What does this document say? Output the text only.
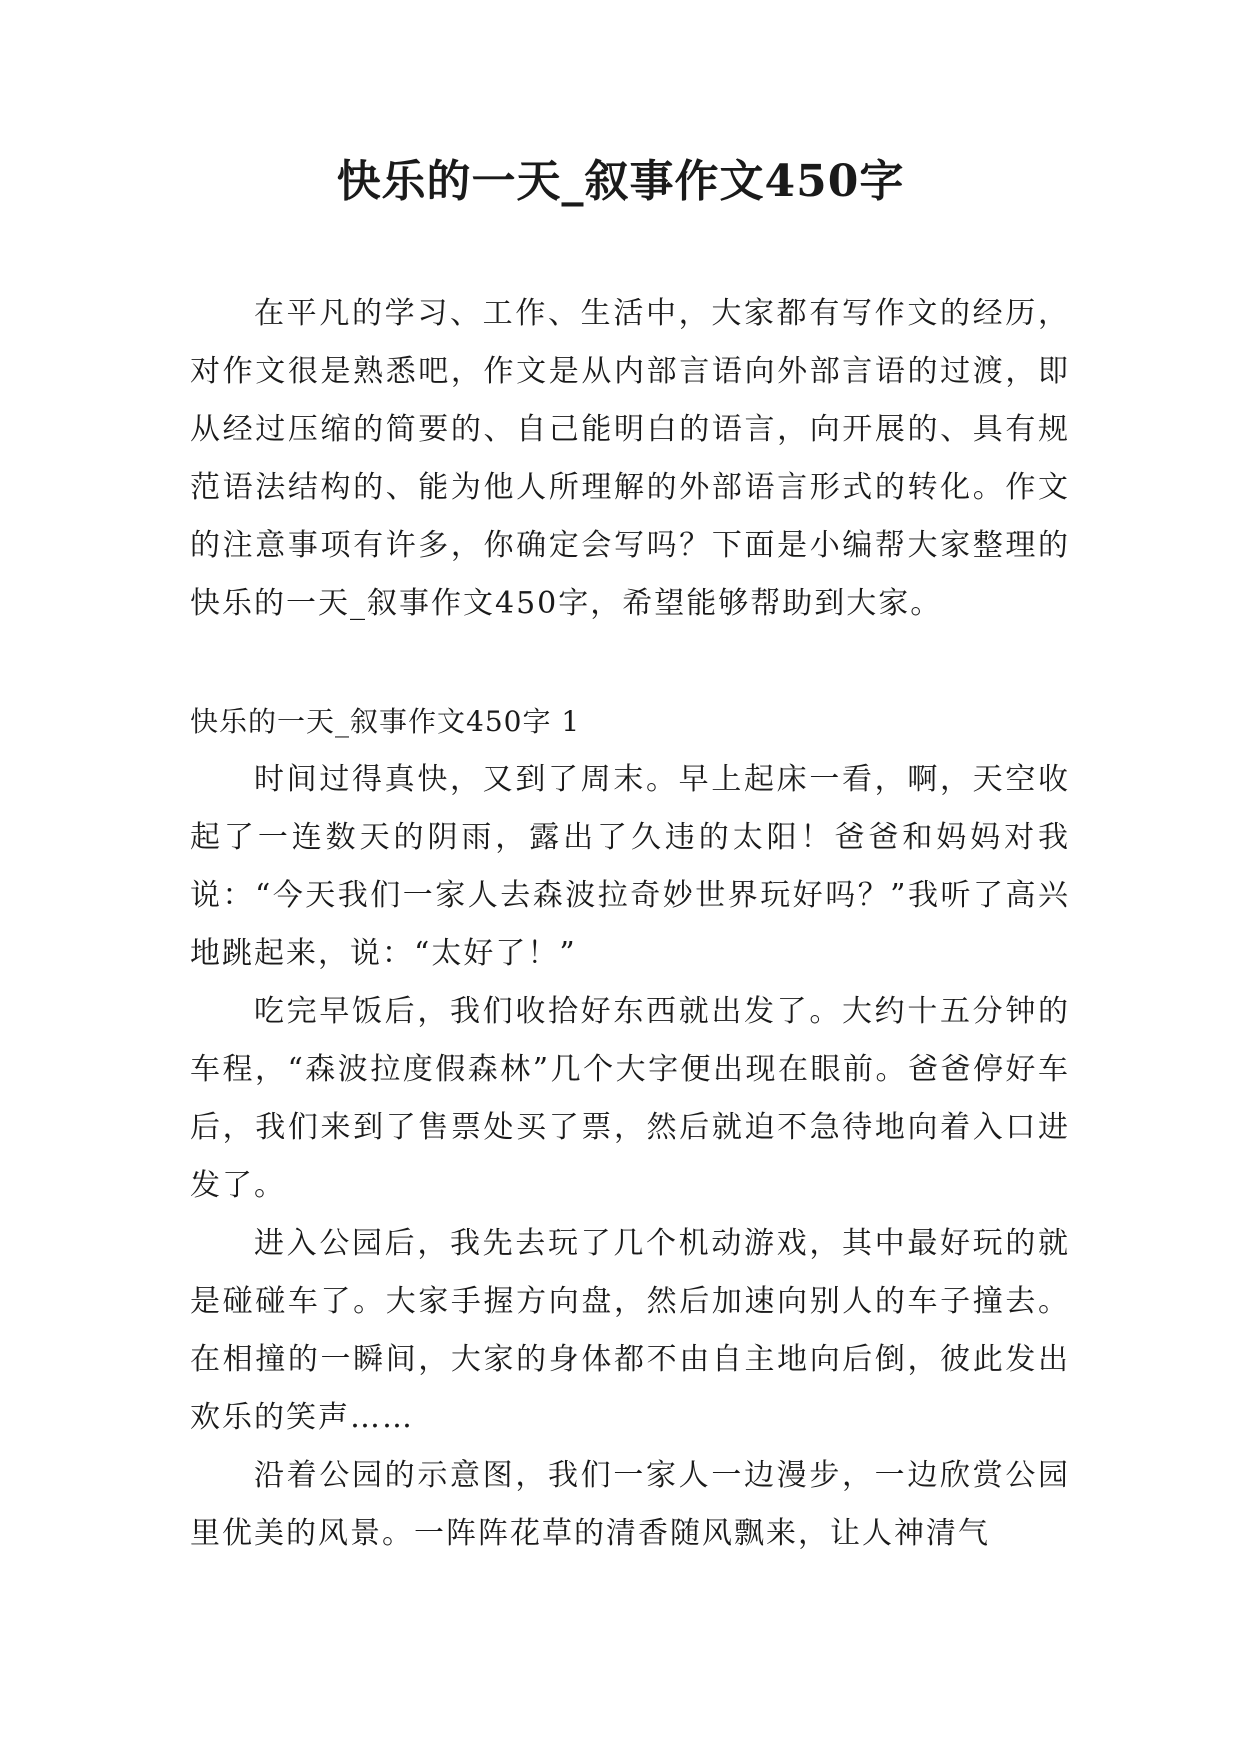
快乐的一天_叙事作文450字

在平凡的学习、工作、生活中，大家都有写作文的经历，对作文很是熟悉吧，作文是从内部言语向外部言语的过渡，即从经过压缩的简要的、自己能明白的语言，向开展的、具有规范语法结构的、能为他人所理解的外部语言形式的转化。作文的注意事项有许多，你确定会写吗？下面是小编帮大家整理的快乐的一天_叙事作文450字，希望能够帮助到大家。

快乐的一天_叙事作文450字 1

时间过得真快，又到了周末。早上起床一看，啊，天空收起了一连数天的阴雨，露出了久违的太阳！爸爸和妈妈对我说：“今天我们一家人去森波拉奇妙世界玩好吗？”我听了高兴地跳起来，说：“太好了！”

吃完早饭后，我们收拾好东西就出发了。大约十五分钟的车程，“森波拉度假森林”几个大字便出现在眼前。爸爸停好车后，我们来到了售票处买了票，然后就迫不急待地向着入口进发了。

进入公园后，我先去玩了几个机动游戏，其中最好玩的就是碰碰车了。大家手握方向盘，然后加速向别人的车子撞去。在相撞的一瞬间，大家的身体都不由自主地向后倒，彼此发出欢乐的笑声……

沿着公园的示意图，我们一家人一边漫步，一边欣赏公园里优美的风景。一阵阵花草的清香随风飘来，让人神清气
